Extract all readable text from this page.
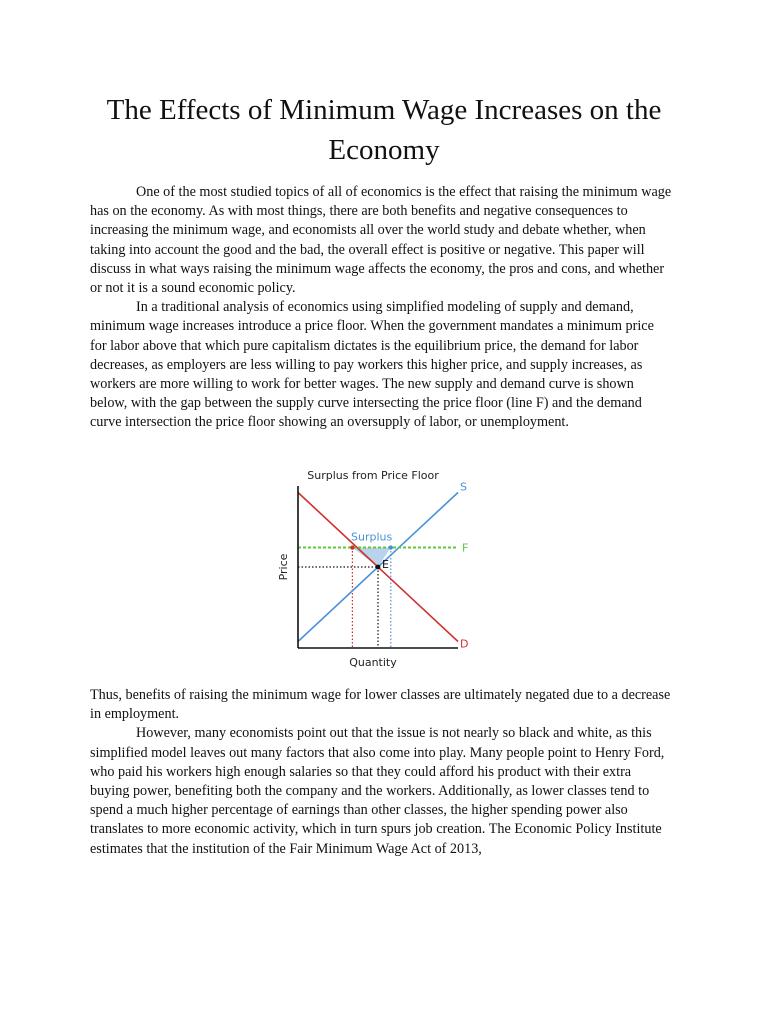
The Effects of Minimum Wage Increases on the Economy

One of the most studied topics of all of economics is the effect that raising the minimum wage has on the economy. As with most things, there are both benefits and negative consequences to increasing the minimum wage, and economists all over the world study and debate whether, when taking into account the good and the bad, the overall effect is positive or negative. This paper will discuss in what ways raising the minimum wage affects the economy, the pros and cons, and whether or not it is a sound economic policy.

In a traditional analysis of economics using simplified modeling of supply and demand, minimum wage increases introduce a price floor. When the government mandates a minimum price for labor above that which pure capitalism dictates is the equilibrium price, the demand for labor decreases, as employers are less willing to pay workers this higher price, and supply increases, as workers are more willing to work for better wages. The new supply and demand curve is shown below, with the gap between the supply curve intersecting the price floor (line F) and the demand curve intersection the price floor showing an oversupply of labor, or unemployment.

Surplus from Price Floor
S
D
F
Surplus
E
Quantity
Price

Thus, benefits of raising the minimum wage for lower classes are ultimately negated due to a decrease in employment.

However, many economists point out that the issue is not nearly so black and white, as this simplified model leaves out many factors that also come into play. Many people point to Henry Ford, who paid his workers high enough salaries so that they could afford his product with their extra buying power, benefiting both the company and the workers. Additionally, as lower classes tend to spend a much higher percentage of earnings than other classes, the higher spending power also translates to more economic activity, which in turn spurs job creation. The Economic Policy Institute estimates that the institution of the Fair Minimum Wage Act of 2013,
